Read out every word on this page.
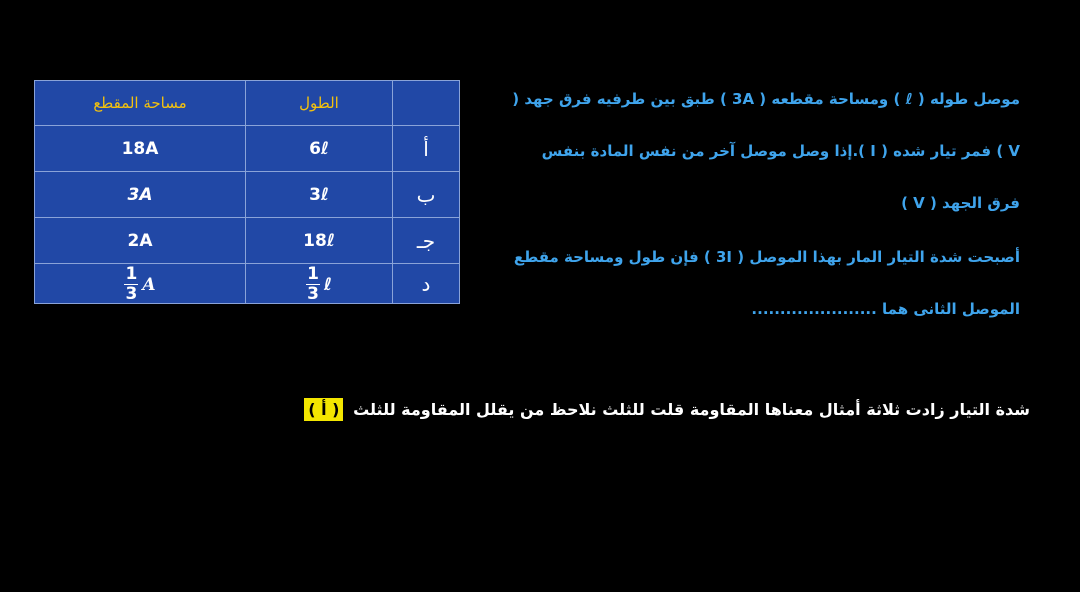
مساحة المقطع	الطول	
18A	6ℓ	أ
3A	3ℓ	ب
2A	18ℓ	جـ

$\frac{1}{3}$ A	$\frac{1}{3}$ ℓ	د
موصل طوله ( ℓ ) ومساحة مقطعه ( 3A ) طبق بين طرفيه فرق جهد (
V ) فمر تيار شده ( I ).إذا وصل موصل آخر من نفس المادة بنفس
فرق الجهد ( V )
أصبحت شدة التيار المار بهذا الموصل ( 3I ) فإن طول ومساحة مقطع
الموصل الثانى هما ......................
شدة التيار زادت ثلاثة أمثال معناها المقاومة قلت للثلث نلاحظ من يقلل المقاومة للثلث ( أ )
